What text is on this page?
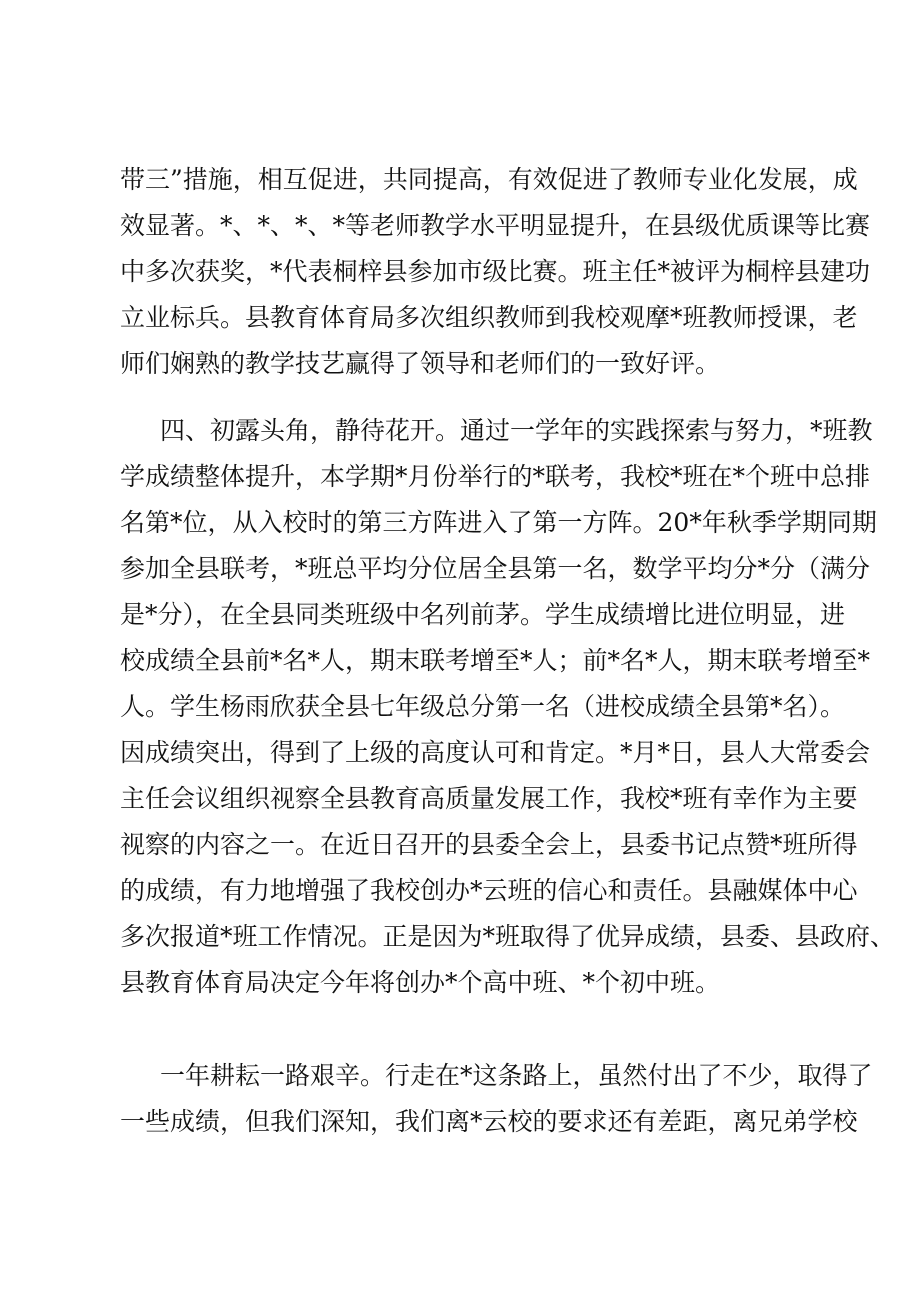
带三”措施，相互促进，共同提高，有效促进了教师专业化发展，成
效显著。*、*、*、*等老师教学水平明显提升，在县级优质课等比赛
中多次获奖，*代表桐梓县参加市级比赛。班主任*被评为桐梓县建功
立业标兵。县教育体育局多次组织教师到我校观摩*班教师授课，老
师们娴熟的教学技艺赢得了领导和老师们的一致好评。

四、初露头角，静待花开。通过一学年的实践探索与努力，*班教
学成绩整体提升，本学期*月份举行的*联考，我校*班在*个班中总排
名第*位，从入校时的第三方阵进入了第一方阵。20*年秋季学期同期
参加全县联考，*班总平均分位居全县第一名，数学平均分*分（满分
是*分），在全县同类班级中名列前茅。学生成绩增比进位明显，进
校成绩全县前*名*人，期末联考增至*人；前*名*人，期末联考增至*
人。学生杨雨欣获全县七年级总分第一名（进校成绩全县第*名）。
因成绩突出，得到了上级的高度认可和肯定。*月*日，县人大常委会
主任会议组织视察全县教育高质量发展工作，我校*班有幸作为主要
视察的内容之一。在近日召开的县委全会上，县委书记点赞*班所得
的成绩，有力地增强了我校创办*云班的信心和责任。县融媒体中心
多次报道*班工作情况。正是因为*班取得了优异成绩，县委、县政府、
县教育体育局决定今年将创办*个高中班、*个初中班。

一年耕耘一路艰辛。行走在*这条路上，虽然付出了不少，取得了
一些成绩，但我们深知，我们离*云校的要求还有差距，离兄弟学校
